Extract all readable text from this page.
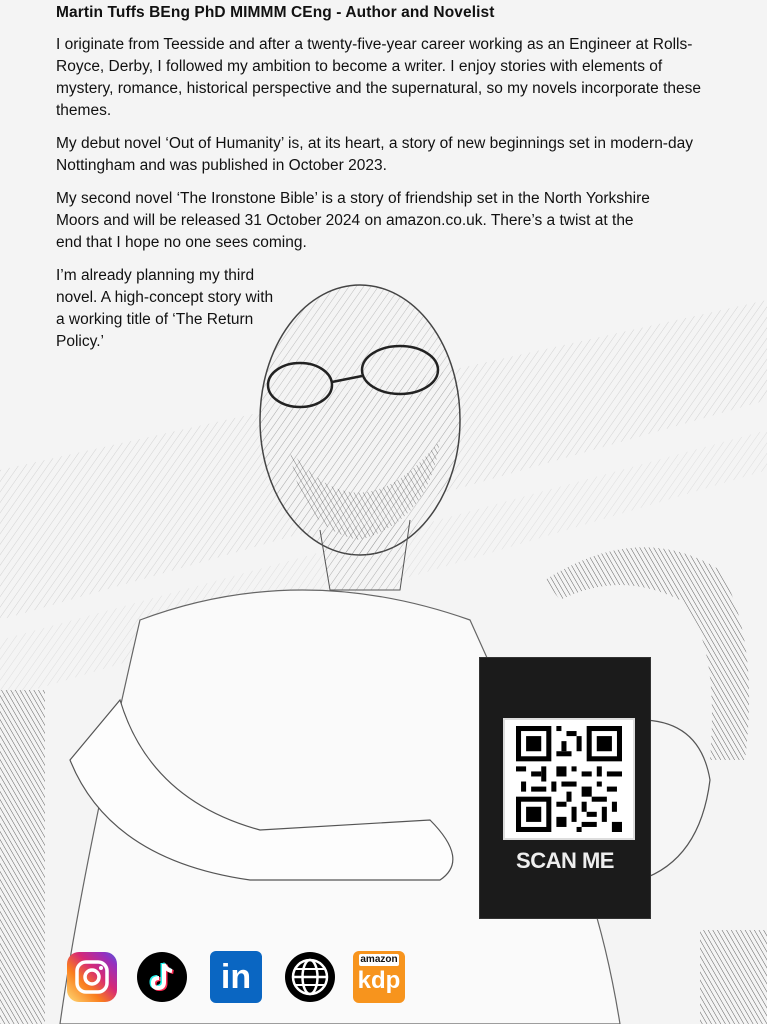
Martin Tuffs BEng PhD MIMMM CEng - Author and Novelist

I originate from Teesside and after a twenty-five-year career working as an Engineer at Rolls-Royce, Derby, I followed my ambition to become a writer. I enjoy stories with elements of mystery, romance, historical perspective and the supernatural, so my novels incorporate these themes.

My debut novel ‘Out of Humanity’ is, at its heart, a story of new beginnings set in modern-day Nottingham and was published in October 2023.

My second novel ‘The Ironstone Bible’ is a story of friendship set in the North Yorkshire Moors and will be released 31 October 2024 on amazon.co.uk. There’s a twist at the end that I hope no one sees coming.

I’m already planning my third novel. A high-concept story with a working title of ‘The Return Policy.’

SCAN ME
in	amazon
kdp
